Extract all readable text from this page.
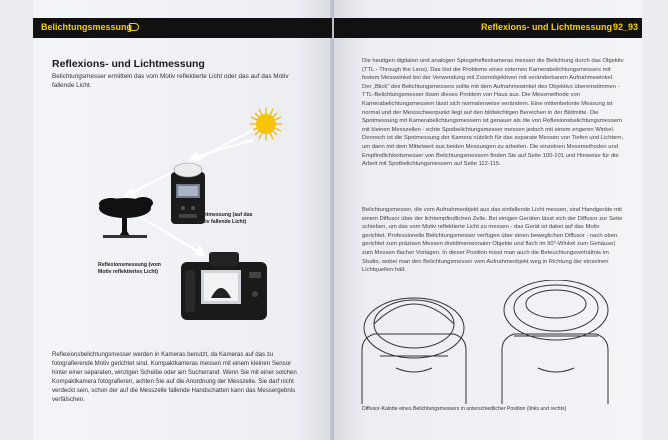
Belichtungsmessung	Reflexions- und Lichtmessung 92_93
Reflexions- und Lichtmessung
Belichtungsmesser ermitteln das vom Motiv reflektierte Licht oder das auf das Motiv fallende Licht.
Lichtmessung (auf das Motiv fallende Licht)
Reflexionsmessung (vom Motiv reflektiertes Licht)
Reflexionsbelichtungsmesser werden in Kameras benutzt, da Kameras auf das zu fotografierende Motiv gerichtet sind. Kompaktkameras messen mit einem kleinen Sensor hinter einer separaten, winzigen Scheibe oder am Sucherrand. Wenn Sie mit einer solchen Kompaktkamera fotografieren, achten Sie auf die Anordnung der Messzelle. Sie darf nicht verdeckt sein, schon der auf die Messzelle fallende Handschatten kann das Messergebnis verfälschen.
Die heutigen digitalen und analogen Spiegelreflexkameras messen die Belichtung durch das Objektiv (TTL - Through the Lens). Das löst die Probleme eines externen Kamerabelichtungsmessers mit festem Messwinkel bei der Verwendung mit Zoomobjektiven mit veränderbarem Aufnahmewinkel. Der „Blick“ des Belichtungsmessers sollte mit dem Aufnahmewinkel des Objektivs übereinstimmen - TTL-Belichtungsmesser lösen dieses Problem von Haus aus. Die Messmethode von Kamerabelichtungsmessern lässt sich normalerweise verändern. Eine mittenbetonte Messung ist normal und der Messschwerpunkt liegt auf den bildwichtigen Bereichen in der Bildmitte. Die Spotmessung mit Kamerabelichtungsmessern ist genauer als die von Reflexionsbelichtungsmessern mit kleinen Messzellen - echte Spotbelichtungsmesser messen jedoch mit einem engeren Winkel. Dennoch ist die Spotmessung der Kamera nützlich für das separate Messen von Tiefen und Lichtern, um dann mit dem Mittelwert aus beiden Messungen zu arbeiten. Die einzelnen Messmethoden und Empfindlichkeitsmesser von Belichtungsmessern finden Sie auf Seite 100-101 und Hinweise für die Arbeit mit Spotbelichtungsmessern auf Seite 112-115.
Belichtungsmesser, die vom Aufnahmeobjekt aus das einfallende Licht messen, sind Handgeräte mit einem Diffusor über der lichtempfindlichen Zelle. Bei einigen Geräten lässt sich der Diffusor zur Seite schieben, um das vom Motiv reflektierte Licht zu messen - das Gerät ist dabei auf das Motiv gerichtet. Professionelle Belichtungsmesser verfügen über einen beweglichen Diffusor - nach oben gerichtet zum präzisen Messen dreidimensionaler Objekte und flach im 90°-Winkel zum Gehäuse) zum Messen flacher Vorlagen. In dieser Position misst man auch die Beleuchtungsverhältnis im Studio, wobei man den Belichtungsmesser vom Aufnahmeobjekt weg in Richtung der einzelnen Lichtquellen hält.
Diffusor-Kalotte eines Belichtungsmessers in unterschiedlicher Position (links und rechts)
